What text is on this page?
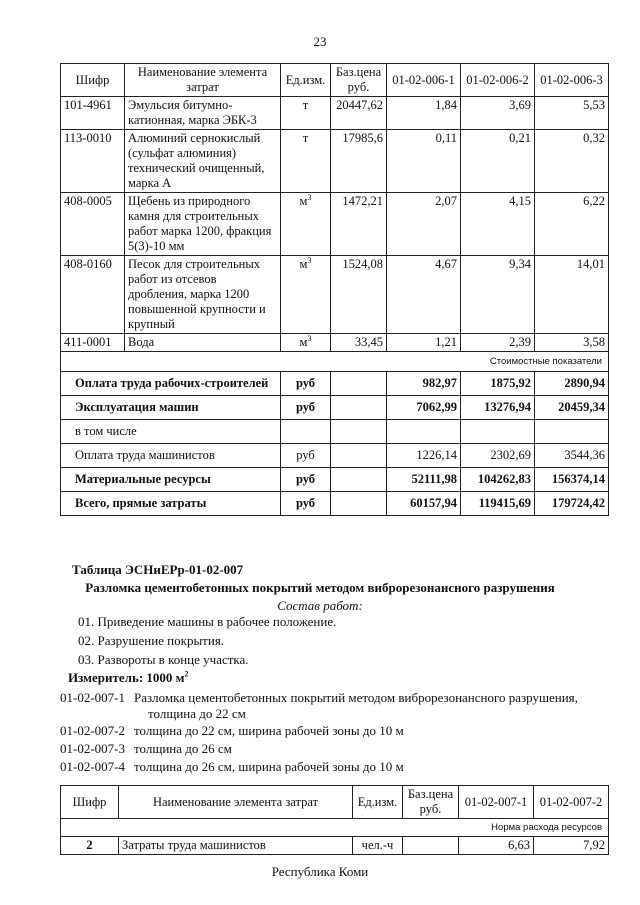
23
Шифр	Наименование элемента затрат	Ед.изм.	Баз.цена руб.	01-02-006-1	01-02-006-2	01-02-006-3
101-4961	Эмульсия битумно-катионная, марка ЭБК-3	т	20447,62	1,84	3,69	5,53
113-0010	Алюминий сернокислый (сульфат алюминия) технический очищенный, марка А	т	17985,6	0,11	0,21	0,32
408-0005	Щебень из природного камня для строительных работ марка 1200, фракция 5(3)-10 мм	$м^3$	1472,21	2,07	4,15	6,22
408-0160	Песок для строительных работ из отсевов дробления, марка 1200 повышенной крупности и крупный	$м^3$	1524,08	4,67	9,34	14,01
411-0001	Вода	$м^3$	33,45	1,21	2,39	3,58
Стоимостные показатели						
Оплата труда рабочих-строителей		руб		982,97	1875,92	2890,94
Эксплуатация машин		руб		7062,99	13276,94	20459,34
в том числе						
Оплата труда машинистов		руб		1226,14	2302,69	3544,36
Материальные ресурсы		руб		52111,98	104262,83	156374,14
Всего, прямые затраты		руб		60157,94	119415,69	179724,42
Таблица ЭСНиЕРр-01-02-007
Разломка цементобетонных покрытий методом виброрезонансного разрушения
Состав работ:
01. Приведение машины в рабочее положение.
02. Разрушение покрытия.
03. Развороты в конце участка.
Измеритель: 1000 $м^2$
01-02-007-1 Разломка цементобетонных покрытий методом виброрезонансного разрушения,
толщина до 22 см
01-02-007-2 толщина до 22 см, ширина рабочей зоны до 10 м
01-02-007-3 толщина до 26 см
01-02-007-4 толщина до 26 см, ширина рабочей зоны до 10 м
Шифр	Наименование элемента затрат	Ед.изм.	Баз.цена руб.	01-02-007-1	01-02-007-2
Норма расхода ресурсов					
2	Затраты труда машинистов	чел.-ч		6,63	7,92
Республика Коми
